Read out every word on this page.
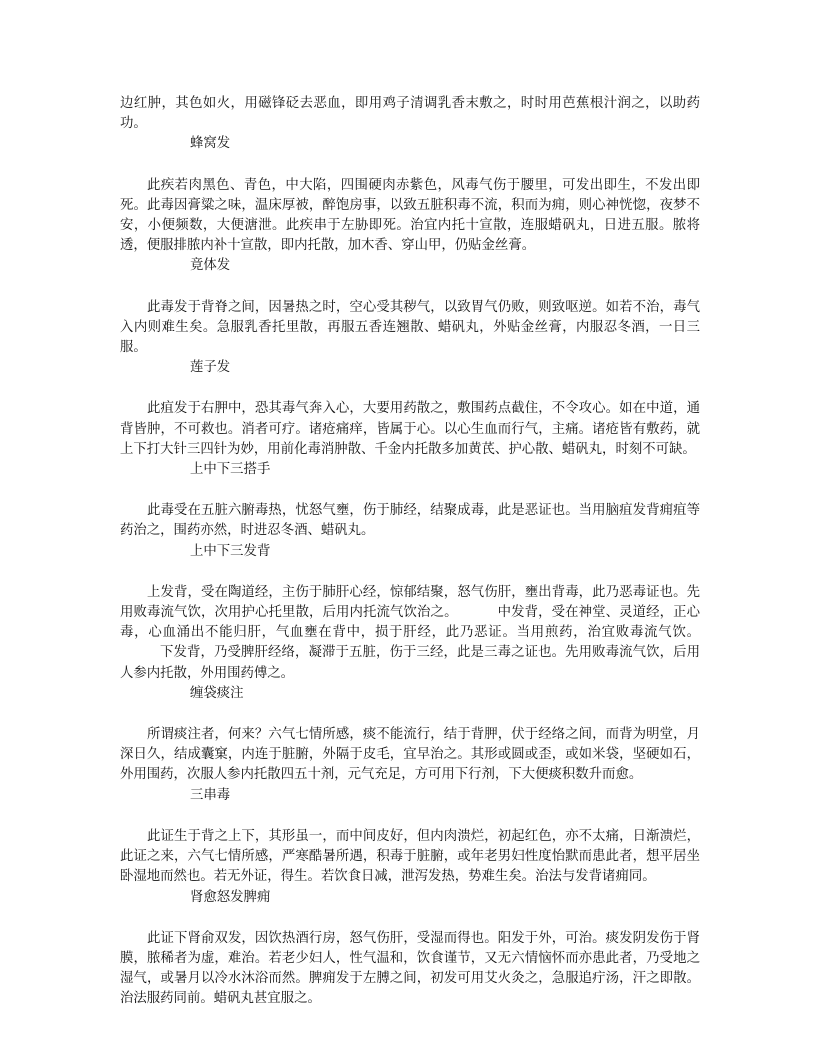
边红肿，其色如火，用磁锋砭去恶血，即用鸡子清调乳香末敷之，时时用芭蕉根汁润之，以助药功。

蜂窝发

此疾若肉黑色、青色，中大陷，四围硬肉赤紫色，风毒气伤于腰里，可发出即生，不发出即死。此毒因膏粱之味，温床厚被，醉饱房事，以致五脏积毒不流，积而为痈，则心神恍惚，夜梦不安，小便频数，大便溏泄。此疾串于左胁即死。治宜内托十宣散，连服蜡矾丸，日进五服。脓将透，便服排脓内补十宣散，即内托散，加木香、穿山甲，仍贴金丝膏。

竟体发

此毒发于背脊之间，因暑热之时，空心受其秽气，以致胃气仍败，则致呕逆。如若不治，毒气入内则难生矣。急服乳香托里散，再服五香连翘散、蜡矾丸，外贴金丝膏，内服忍冬酒，一日三服。

莲子发

此疽发于右胛中，恐其毒气奔入心，大要用药散之，敷围药点截住，不令攻心。如在中道，通背皆肿，不可救也。消者可疗。诸疮痛痒，皆属于心。以心生血而行气，主痛。诸疮皆有敷药，就上下打大针三四针为妙，用前化毒消肿散、千金内托散多加黄芪、护心散、蜡矾丸，时刻不可缺。

上中下三搭手

此毒受在五脏六腑毒热，忧怒气壅，伤于肺经，结聚成毒，此是恶证也。当用脑疽发背痈疽等药治之，围药亦然，时进忍冬酒、蜡矾丸。

上中下三发背

上发背，受在陶道经，主伤于肺肝心经，惊郁结聚，怒气伤肝，壅出背毒，此乃恶毒证也。先用败毒流气饮，次用护心托里散，后用内托流气饮治之。	中发背，受在神堂、灵道经，正心毒，心血涌出不能归肝，气血壅在背中，损于肝经，此乃恶证。当用煎药，治宜败毒流气饮。下发背，乃受脾肝经络，凝滞于五脏，伤于三经，此是三毒之证也。先用败毒流气饮，后用人参内托散，外用围药傅之。

缠袋痰注

所谓痰注者，何来？六气七情所感，痰不能流行，结于背胛，伏于经络之间，而背为明堂，月深日久，结成囊窠，内连于脏腑，外隔于皮毛，宜早治之。其形或圆或歪，或如米袋，坚硬如石，外用围药，次服人参内托散四五十剂，元气充足，方可用下行剂，下大便痰积数升而愈。

三串毒

此证生于背之上下，其形虽一，而中间皮好，但内肉溃烂，初起红色，亦不太痛，日渐溃烂，此证之来，六气七情所感，严寒酷暑所遇，积毒于脏腑，或年老男妇性度怡默而患此者，想平居坐卧湿地而然也。若无外证，得生。若饮食日减，泄泻发热，势难生矣。治法与发背诸痈同。

肾愈怒发脾痈

此证下肾俞双发，因饮热酒行房，怒气伤肝，受湿而得也。阳发于外，可治。痰发阴发伤于肾膜，脓稀者为虚，难治。若老少妇人，性气温和，饮食谨节，又无六情恼怀而亦患此者，乃受地之湿气，或暑月以冷水沐浴而然。脾痈发于左膊之间，初发可用艾火灸之，急服追疔汤，汗之即散。治法服药同前。蜡矾丸甚宜服之。
